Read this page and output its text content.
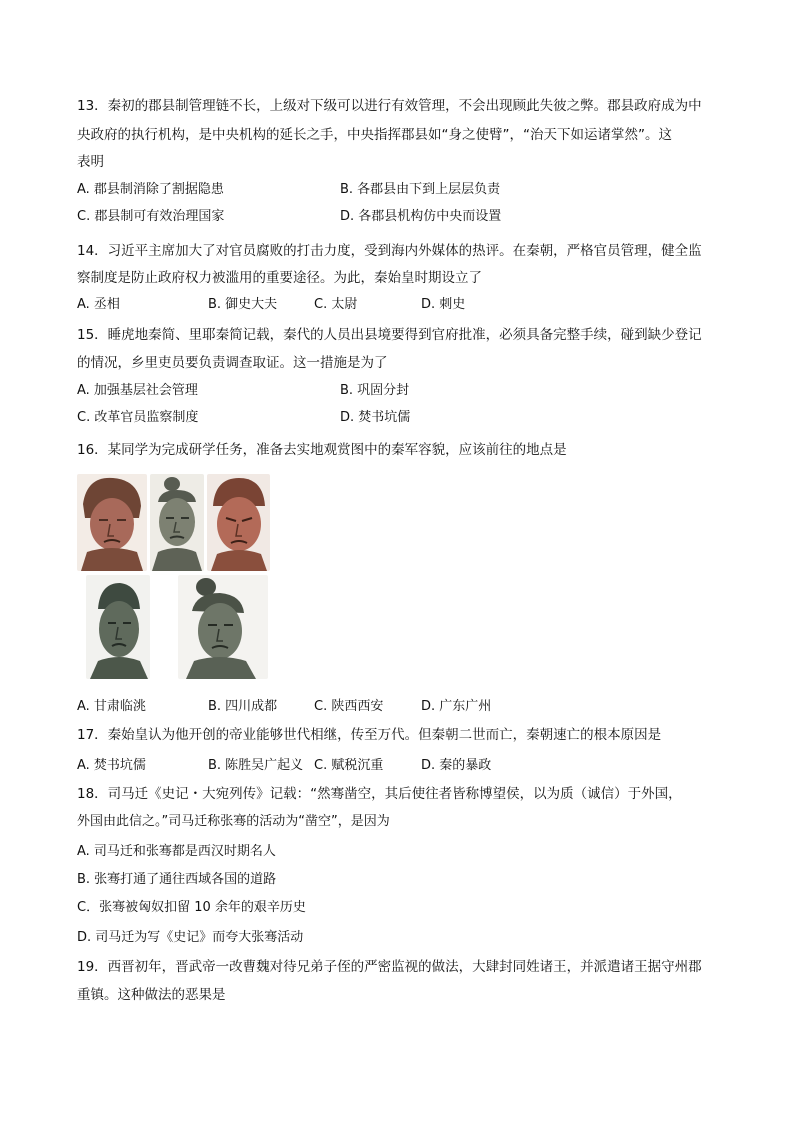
13．秦初的郡县制管理链不长，上级对下级可以进行有效管理，不会出现顾此失彼之弊。郡县政府成为中
央政府的执行机构，是中央机构的延长之手，中央指挥郡县如“身之使臂”，“治天下如运诸掌然”。这
表明
A. 郡县制消除了割据隐患	B. 各郡县由下到上层层负责
C. 郡县制可有效治理国家	D. 各郡县机构仿中央而设置
14．习近平主席加大了对官员腐败的打击力度，受到海内外媒体的热评。在秦朝，严格官员管理，健全监
察制度是防止政府权力被滥用的重要途径。为此，秦始皇时期设立了
A. 丞相	B. 御史大夫	C. 太尉	D. 刺史
15．睡虎地秦简、里耶秦简记载，秦代的人员出县境要得到官府批准，必须具备完整手续，碰到缺少登记
的情况，乡里吏员要负责调查取证。这一措施是为了
A. 加强基层社会管理	B. 巩固分封
C. 改革官员监察制度	D. 焚书坑儒
16．某同学为完成研学任务，准备去实地观赏图中的秦军容貌，应该前往的地点是
A. 甘肃临洮	B. 四川成都	C. 陕西西安	D. 广东广州
17．秦始皇认为他开创的帝业能够世代相继，传至万代。但秦朝二世而亡，秦朝速亡的根本原因是
A. 焚书坑儒	B. 陈胜吴广起义 C. 赋税沉重	D. 秦的暴政
18．司马迁《史记・大宛列传》记载：“然骞凿空，其后使往者皆称博望侯，以为质（诚信）于外国，
外国由此信之。”司马迁称张骞的活动为“凿空”，是因为
A. 司马迁和张骞都是西汉时期名人
B. 张骞打通了通往西域各国的道路
C．张骞被匈奴扣留 10 余年的艰辛历史
D. 司马迁为写《史记》而夸大张骞活动
19．西晋初年，晋武帝一改曹魏对待兄弟子侄的严密监视的做法，大肆封同姓诸王，并派遣诸王据守州郡
重镇。这种做法的恶果是
